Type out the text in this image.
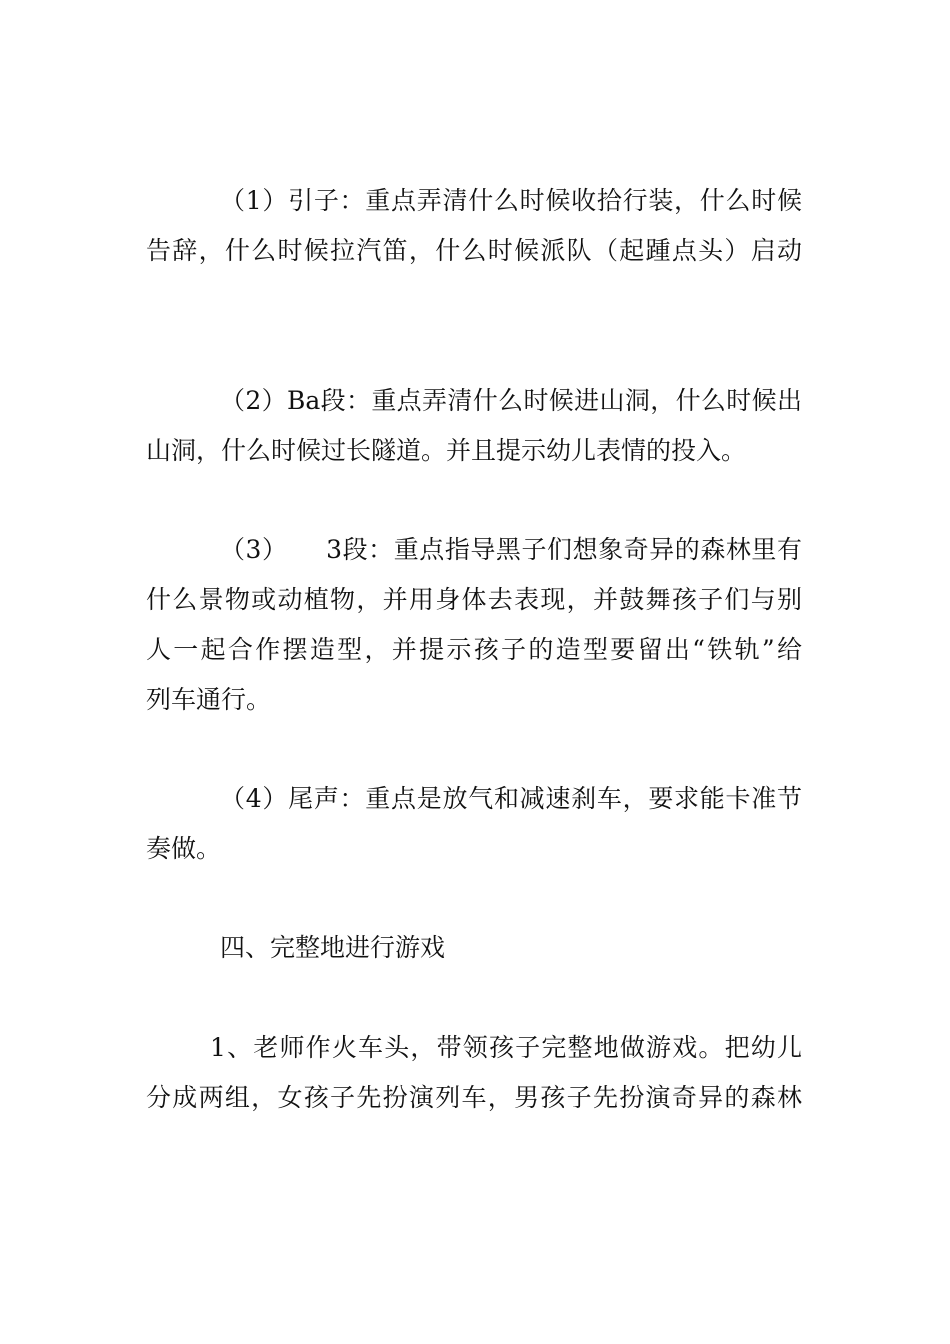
（1）引子：重点弄清什么时候收拾行装，什么时候
告辞，什么时候拉汽笛，什么时候派队（起踵点头）启动
（2）Ba段：重点弄清什么时候进山洞，什么时候出
山洞，什么时候过长隧道。并且提示幼儿表情的投入。
（3）　　3段：重点指导黑子们想象奇异的森林里有
什么景物或动植物，并用身体去表现，并鼓舞孩子们与别
人一起合作摆造型，并提示孩子的造型要留出“铁轨”给
列车通行。
（4）尾声：重点是放气和减速刹车，要求能卡准节
奏做。
四、完整地进行游戏
1、老师作火车头，带领孩子完整地做游戏。把幼儿
分成两组，女孩子先扮演列车，男孩子先扮演奇异的森林
